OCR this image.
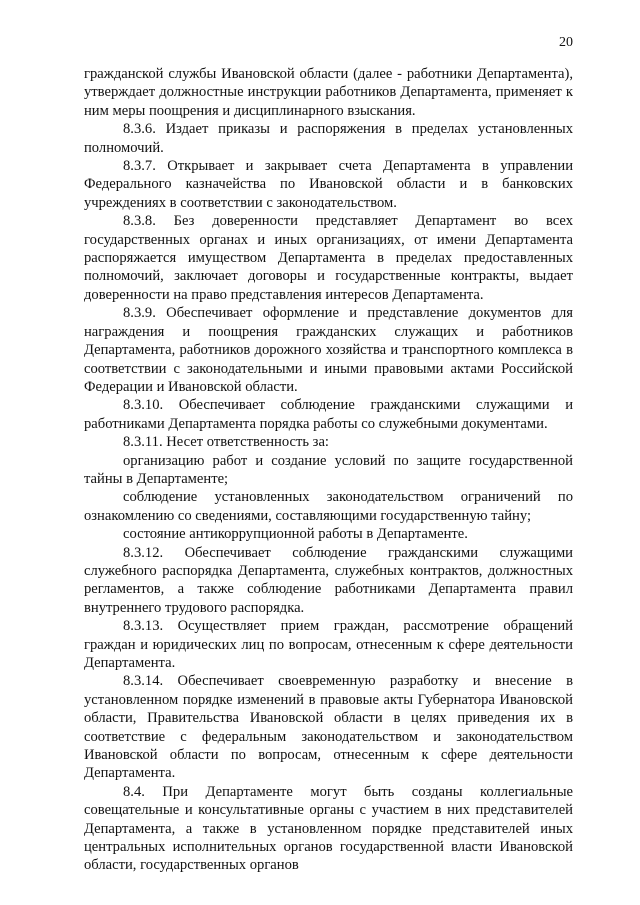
20

гражданской службы Ивановской области (далее - работники Департамента), утверждает должностные инструкции работников Департамента, применяет к ним меры поощрения и дисциплинарного взыскания.

8.3.6. Издает приказы и распоряжения в пределах установленных полномочий.

8.3.7. Открывает и закрывает счета Департамента в управлении Федерального казначейства по Ивановской области и в банковских учреждениях в соответствии с законодательством.

8.3.8. Без доверенности представляет Департамент во всех государственных органах и иных организациях, от имени Департамента распоряжается имуществом Департамента в пределах предоставленных полномочий, заключает договоры и государственные контракты, выдает доверенности на право представления интересов Департамента.

8.3.9. Обеспечивает оформление и представление документов для награждения и поощрения гражданских служащих и работников Департамента, работников дорожного хозяйства и транспортного комплекса в соответствии с законодательными и иными правовыми актами Российской Федерации и Ивановской области.

8.3.10. Обеспечивает соблюдение гражданскими служащими и работниками Департамента порядка работы со служебными документами.

8.3.11. Несет ответственность за:

организацию работ и создание условий по защите государственной тайны в Департаменте;

соблюдение установленных законодательством ограничений по ознакомлению со сведениями, составляющими государственную тайну;

состояние антикоррупционной работы в Департаменте.

8.3.12. Обеспечивает соблюдение гражданскими служащими служебного распорядка Департамента, служебных контрактов, должностных регламентов, а также соблюдение работниками Департамента правил внутреннего трудового распорядка.

8.3.13. Осуществляет прием граждан, рассмотрение обращений граждан и юридических лиц по вопросам, отнесенным к сфере деятельности Департамента.

8.3.14. Обеспечивает своевременную разработку и внесение в установленном порядке изменений в правовые акты Губернатора Ивановской области, Правительства Ивановской области в целях приведения их в соответствие с федеральным законодательством и законодательством Ивановской области по вопросам, отнесенным к сфере деятельности Департамента.

8.4. При Департаменте могут быть созданы коллегиальные совещательные и консультативные органы с участием в них представителей Департамента, а также в установленном порядке представителей иных центральных исполнительных органов государственной власти Ивановской области, государственных органов
